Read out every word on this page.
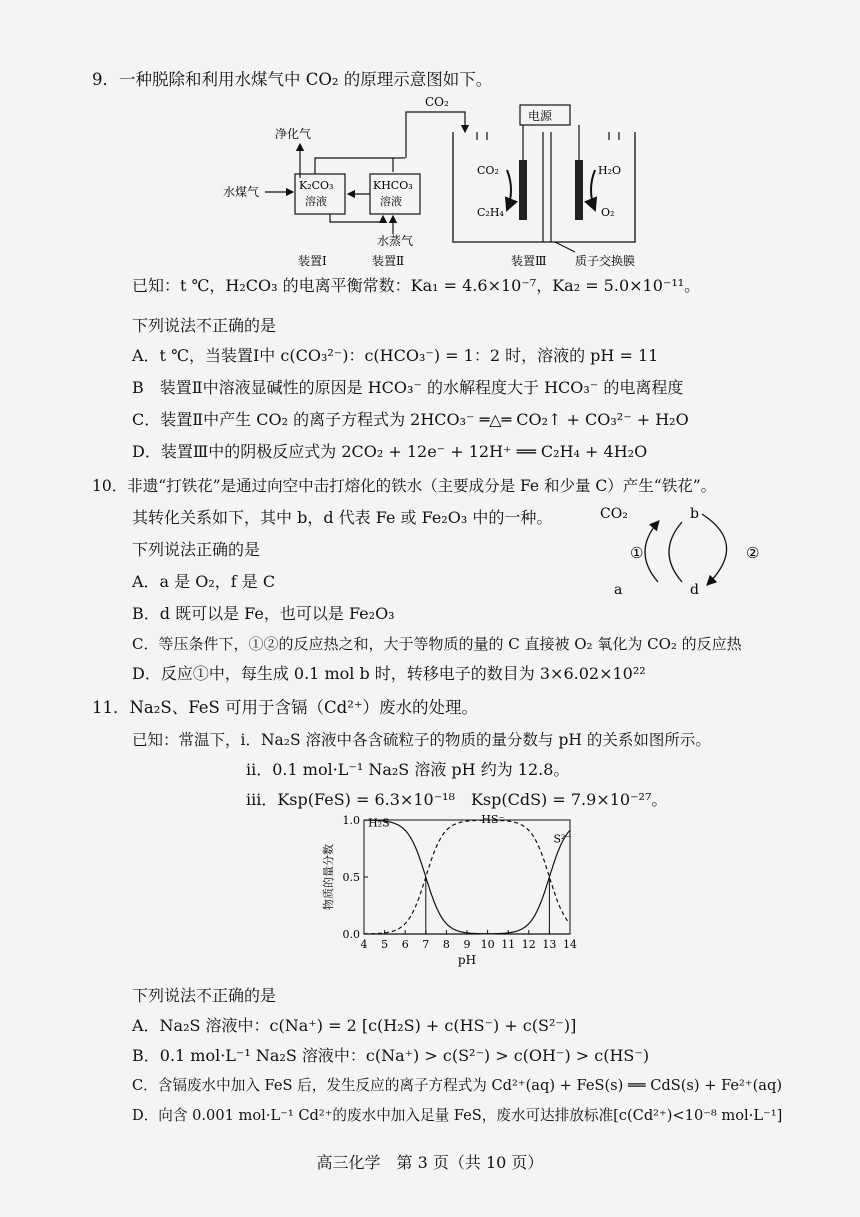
9．一种脱除和利用水煤气中 CO₂ 的原理示意图如下。
CO₂
电源
净化气
K₂CO₃
溶液
KHCO₃
溶液
水煤气
水蒸气
CO₂
C₂H₄
H₂O
O₂
装置Ⅰ	装置Ⅱ	装置Ⅲ 质子交换膜
已知：t ℃，H₂CO₃ 的电离平衡常数：Ka₁ = 4.6×10⁻⁷，Ka₂ = 5.0×10⁻¹¹。
下列说法不正确的是
A．t ℃，当装置Ⅰ中 c(CO₃²⁻)：c(HCO₃⁻) = 1：2 时，溶液的 pH = 11
B　装置Ⅱ中溶液显碱性的原因是 HCO₃⁻ 的水解程度大于 HCO₃⁻ 的电离程度
C．装置Ⅱ中产生 CO₂ 的离子方程式为 2HCO₃⁻ ═△═ CO₂↑ + CO₃²⁻ + H₂O
D．装置Ⅲ中的阴极反应式为 2CO₂ + 12e⁻ + 12H⁺ ══ C₂H₄ + 4H₂O
10．非遗“打铁花”是通过向空中击打熔化的铁水（主要成分是 Fe 和少量 C）产生“铁花”。
其转化关系如下，其中 b，d 代表 Fe 或 Fe₂O₃ 中的一种。	CO₂	b
a	d
①	②
下列说法正确的是
A．a 是 O₂，f 是 C
B．d 既可以是 Fe，也可以是 Fe₂O₃
C．等压条件下，①②的反应热之和，大于等物质的量的 C 直接被 O₂ 氧化为 CO₂ 的反应热
D．反应①中，每生成 0.1 mol b 时，转移电子的数目为 3×6.02×10²²
11．Na₂S、FeS 可用于含镉（Cd²⁺）废水的处理。
已知：常温下，i．Na₂S 溶液中各含硫粒子的物质的量分数与 pH 的关系如图所示。
ii．0.1 mol·L⁻¹ Na₂S 溶液 pH 约为 12.8。
iii．Ksp(FeS) = 6.3×10⁻¹⁸　Ksp(CdS) = 7.9×10⁻²⁷。
4 5 6 7 8 9 10 11 12 13 14
0.0
0.5
1.0
pH
物质的量分数
H₂S	HS⁻
S²⁻
下列说法不正确的是
A．Na₂S 溶液中：c(Na⁺) = 2 [c(H₂S) + c(HS⁻) + c(S²⁻)]
B．0.1 mol·L⁻¹ Na₂S 溶液中：c(Na⁺) > c(S²⁻) > c(OH⁻) > c(HS⁻)
C．含镉废水中加入 FeS 后，发生反应的离子方程式为 Cd²⁺(aq) + FeS(s) ══ CdS(s) + Fe²⁺(aq)
D．向含 0.001 mol·L⁻¹ Cd²⁺的废水中加入足量 FeS，废水可达排放标准[c(Cd²⁺)<10⁻⁸ mol·L⁻¹]
高三化学　第 3 页（共 10 页）
